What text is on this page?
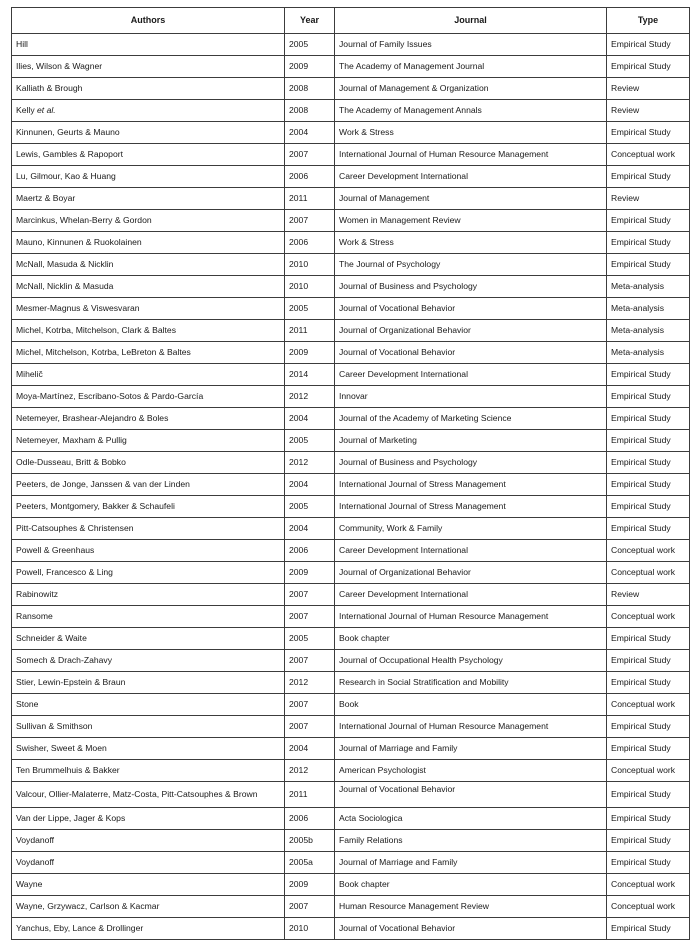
Authors	Year	Journal	Type
Hill	2005	Journal of Family Issues	Empirical Study
Ilies, Wilson & Wagner	2009	The Academy of Management Journal	Empirical Study
Kalliath & Brough	2008	Journal of Management & Organization	Review
Kelly et al.	2008	The Academy of Management Annals	Review
Kinnunen, Geurts & Mauno	2004	Work & Stress	Empirical Study
Lewis, Gambles & Rapoport	2007	International Journal of Human Resource Management	Conceptual work
Lu, Gilmour, Kao & Huang	2006	Career Development International	Empirical Study
Maertz & Boyar	2011	Journal of Management	Review
Marcinkus, Whelan-Berry & Gordon	2007	Women in Management Review	Empirical Study
Mauno, Kinnunen & Ruokolainen	2006	Work & Stress	Empirical Study
McNall, Masuda & Nicklin	2010	The Journal of Psychology	Empirical Study
McNall, Nicklin & Masuda	2010	Journal of Business and Psychology	Meta-analysis
Mesmer-Magnus & Viswesvaran	2005	Journal of Vocational Behavior	Meta-analysis
Michel, Kotrba, Mitchelson, Clark & Baltes	2011	Journal of Organizational Behavior	Meta-analysis
Michel, Mitchelson, Kotrba, LeBreton & Baltes	2009	Journal of Vocational Behavior	Meta-analysis
Mihelič	2014	Career Development International	Empirical Study
Moya-Martínez, Escribano-Sotos & Pardo-García	2012	Innovar	Empirical Study
Netemeyer, Brashear-Alejandro & Boles	2004	Journal of the Academy of Marketing Science	Empirical Study
Netemeyer, Maxham & Pullig	2005	Journal of Marketing	Empirical Study
Odle-Dusseau, Britt & Bobko	2012	Journal of Business and Psychology	Empirical Study
Peeters, de Jonge, Janssen & van der Linden	2004	International Journal of Stress Management	Empirical Study
Peeters, Montgomery, Bakker & Schaufeli	2005	International Journal of Stress Management	Empirical Study
Pitt-Catsouphes & Christensen	2004	Community, Work & Family	Empirical Study
Powell & Greenhaus	2006	Career Development International	Conceptual work
Powell, Francesco & Ling	2009	Journal of Organizational Behavior	Conceptual work
Rabinowitz	2007	Career Development International	Review
Ransome	2007	International Journal of Human Resource Management	Conceptual work
Schneider & Waite	2005	Book chapter	Empirical Study
Somech & Drach-Zahavy	2007	Journal of Occupational Health Psychology	Empirical Study
Stier, Lewin-Epstein & Braun	2012	Research in Social Stratification and Mobility	Empirical Study
Stone	2007	Book	Conceptual work
Sullivan & Smithson	2007	International Journal of Human Resource Management	Empirical Study
Swisher, Sweet & Moen	2004	Journal of Marriage and Family	Empirical Study
Ten Brummelhuis & Bakker	2012	American Psychologist	Conceptual work
Valcour, Ollier-Malaterre, Matz-Costa, Pitt-Catsouphes & Brown	2011	Journal of Vocational Behavior	Empirical Study
Van der Lippe, Jager & Kops	2006	Acta Sociologica	Empirical Study
Voydanoff	2005b	Family Relations	Empirical Study
Voydanoff	2005a	Journal of Marriage and Family	Empirical Study
Wayne	2009	Book chapter	Conceptual work
Wayne, Grzywacz, Carlson & Kacmar	2007	Human Resource Management Review	Conceptual work
Yanchus, Eby, Lance & Drollinger	2010	Journal of Vocational Behavior	Empirical Study
